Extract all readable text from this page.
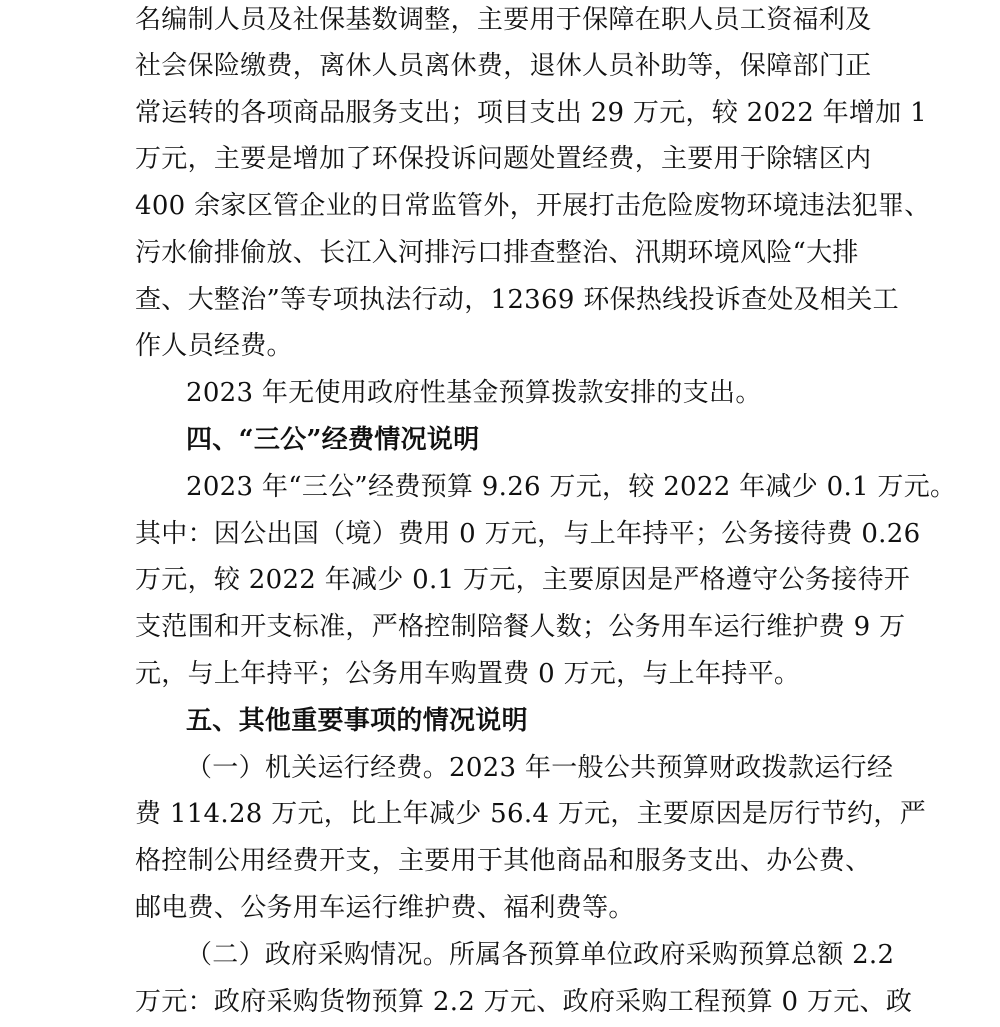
名编制人员及社保基数调整，主要用于保障在职人员工资福利及
社会保险缴费，离休人员离休费，退休人员补助等，保障部门正
常运转的各项商品服务支出；项目支出 29 万元，较 2022 年增加 1
万元，主要是增加了环保投诉问题处置经费，主要用于除辖区内
400 余家区管企业的日常监管外，开展打击危险废物环境违法犯罪、
污水偷排偷放、长江入河排污口排查整治、汛期环境风险“大排
查、大整治”等专项执法行动，12369 环保热线投诉查处及相关工
作人员经费。
2023 年无使用政府性基金预算拨款安排的支出。
四、“三公”经费情况说明
2023 年“三公”经费预算 9.26 万元，较 2022 年减少 0.1 万元。
其中：因公出国（境）费用 0 万元，与上年持平；公务接待费 0.26
万元，较 2022 年减少 0.1 万元，主要原因是严格遵守公务接待开
支范围和开支标准，严格控制陪餐人数；公务用车运行维护费 9 万
元，与上年持平；公务用车购置费 0 万元，与上年持平。
五、其他重要事项的情况说明
（一）机关运行经费。2023 年一般公共预算财政拨款运行经
费 114.28 万元，比上年减少 56.4 万元，主要原因是厉行节约，严
格控制公用经费开支，主要用于其他商品和服务支出、办公费、
邮电费、公务用车运行维护费、福利费等。
（二）政府采购情况。所属各预算单位政府采购预算总额 2.2
万元：政府采购货物预算 2.2 万元、政府采购工程预算 0 万元、政
